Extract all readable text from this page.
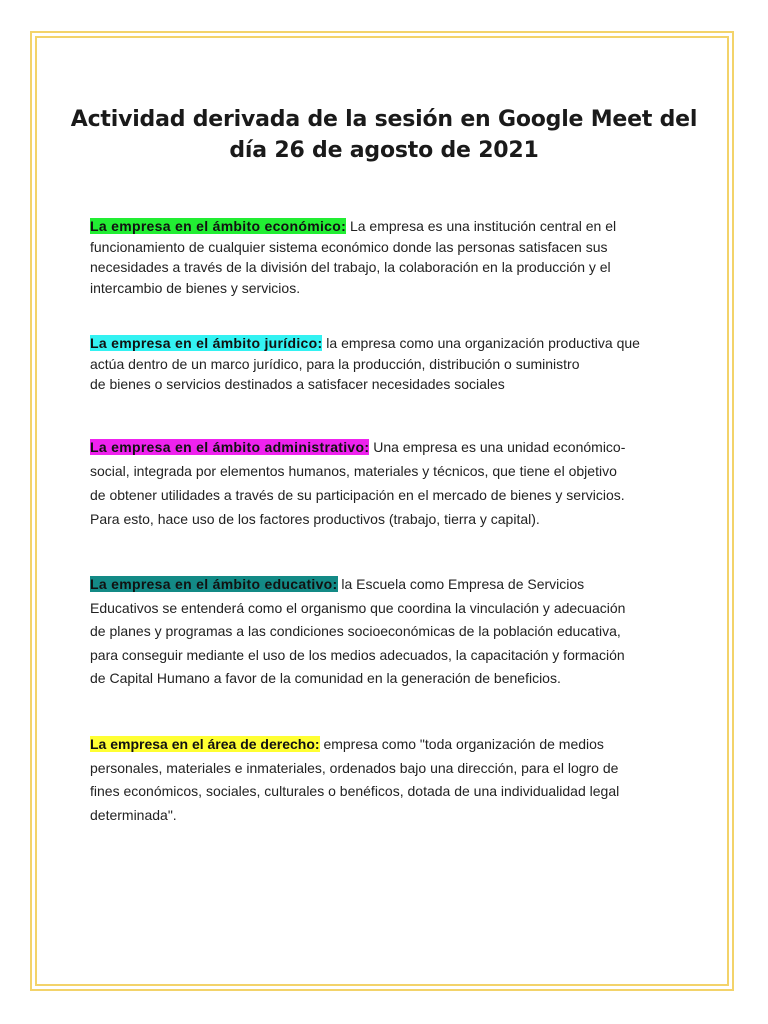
Actividad derivada de la sesión en Google Meet del
día 26 de agosto de 2021

La empresa en el ámbito económico: La empresa es una institución central en el
funcionamiento de cualquier sistema económico donde las personas satisfacen sus
necesidades a través de la división del trabajo, la colaboración en la producción y el
intercambio de bienes y servicios.

La empresa en el ámbito jurídico: la empresa como una organización productiva que
actúa dentro de un marco jurídico, para la producción, distribución o suministro
de bienes o servicios destinados a satisfacer necesidades sociales

La empresa en el ámbito administrativo: Una empresa es una unidad económico-
social, integrada por elementos humanos, materiales y técnicos, que tiene el objetivo
de obtener utilidades a través de su participación en el mercado de bienes y servicios.
Para esto, hace uso de los factores productivos (trabajo, tierra y capital).

La empresa en el ámbito educativo: la Escuela como Empresa de Servicios
Educativos se entenderá como el organismo que coordina la vinculación y adecuación
de planes y programas a las condiciones socioeconómicas de la población educativa,
para conseguir mediante el uso de los medios adecuados, la capacitación y formación
de Capital Humano a favor de la comunidad en la generación de beneficios.

La empresa en el área de derecho: empresa como "toda organización de medios
personales, materiales e inmateriales, ordenados bajo una dirección, para el logro de
fines económicos, sociales, culturales o benéficos, dotada de una individualidad legal
determinada".
